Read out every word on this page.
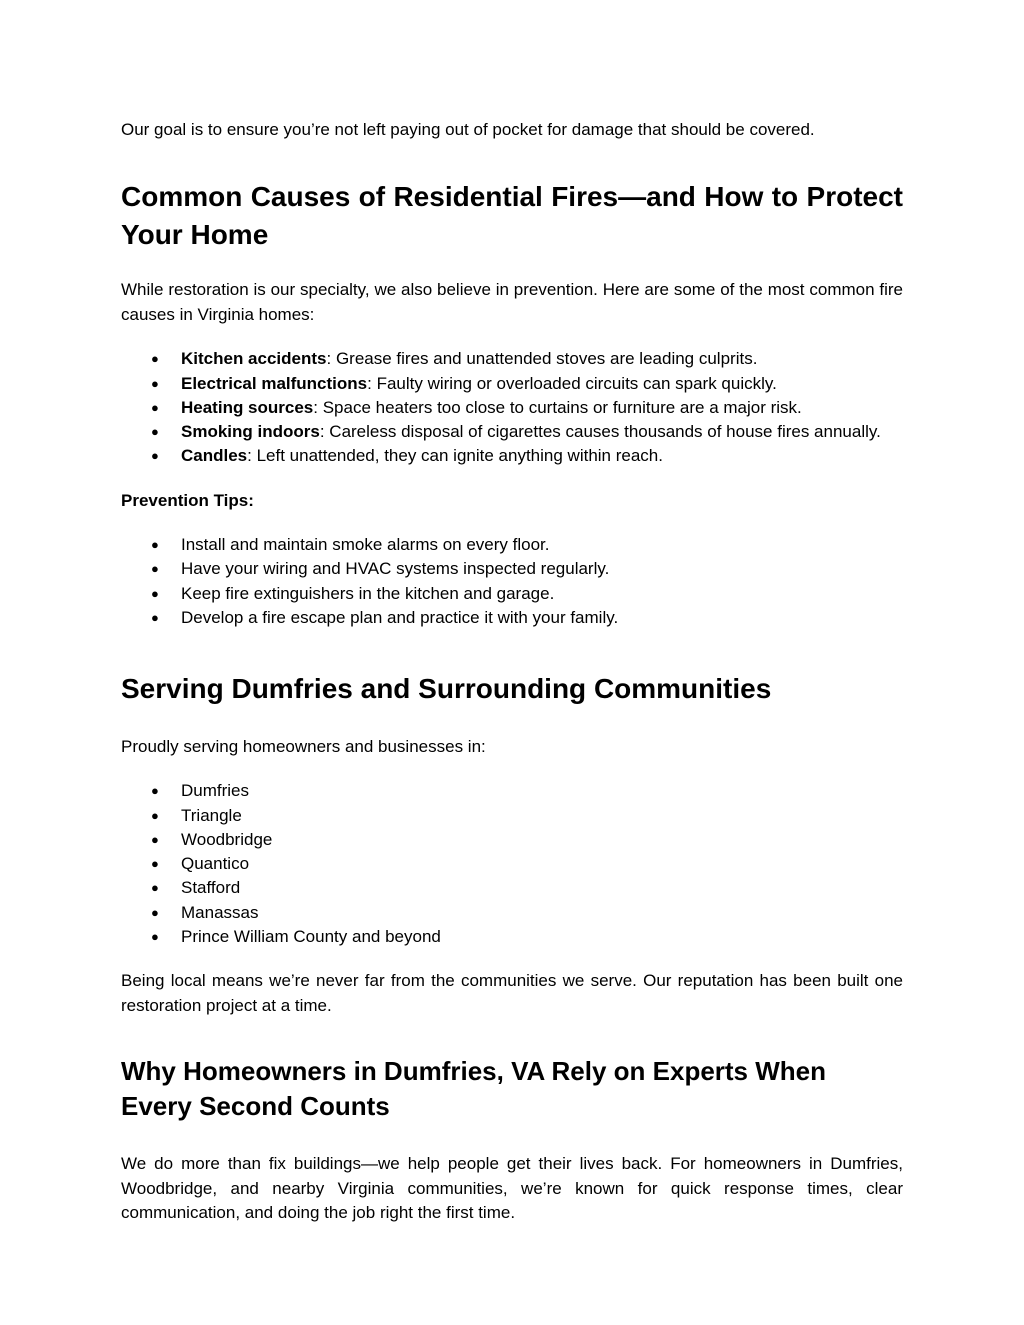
Our goal is to ensure you’re not left paying out of pocket for damage that should be covered.

Common Causes of Residential Fires—and How to Protect Your Home

While restoration is our specialty, we also believe in prevention. Here are some of the most common fire causes in Virginia homes:

● Kitchen accidents: Grease fires and unattended stoves are leading culprits.
● Electrical malfunctions: Faulty wiring or overloaded circuits can spark quickly.
● Heating sources: Space heaters too close to curtains or furniture are a major risk.
● Smoking indoors: Careless disposal of cigarettes causes thousands of house fires annually.
● Candles: Left unattended, they can ignite anything within reach.

Prevention Tips:

● Install and maintain smoke alarms on every floor.
● Have your wiring and HVAC systems inspected regularly.
● Keep fire extinguishers in the kitchen and garage.
● Develop a fire escape plan and practice it with your family.
Serving Dumfries and Surrounding Communities

Proudly serving homeowners and businesses in:

● Dumfries
● Triangle
● Woodbridge
● Quantico
● Stafford
● Manassas
● Prince William County and beyond

Being local means we’re never far from the communities we serve. Our reputation has been built one restoration project at a time.

Why Homeowners in Dumfries, VA Rely on Experts When Every Second Counts

We do more than fix buildings—we help people get their lives back. For homeowners in Dumfries, Woodbridge, and nearby Virginia communities, we’re known for quick response times, clear communication, and doing the job right the first time.
